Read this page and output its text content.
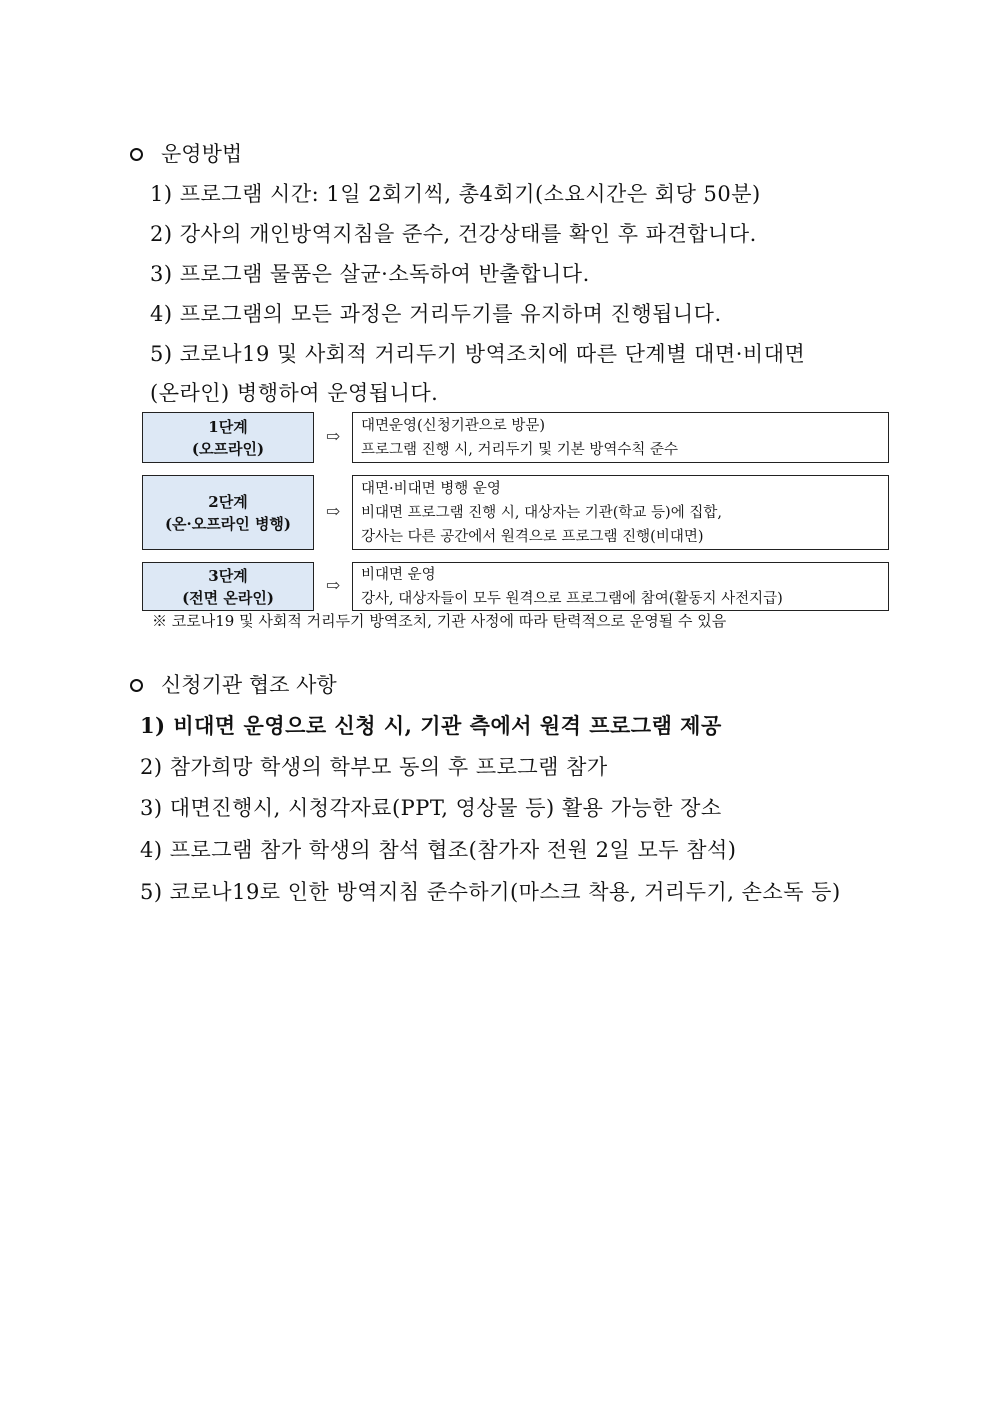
운영방법
1) 프로그램 시간: 1일 2회기씩, 총4회기(소요시간은 회당 50분)
2) 강사의 개인방역지침을 준수, 건강상태를 확인 후 파견합니다.
3) 프로그램 물품은 살균·소독하여 반출합니다.
4) 프로그램의 모든 과정은 거리두기를 유지하며 진행됩니다.
5) 코로나19 및 사회적 거리두기 방역조치에 따른 단계별 대면·비대면
(온라인) 병행하여 운영됩니다.
1단계
(오프라인)
⇨
대면운영(신청기관으로 방문)
프로그램 진행 시, 거리두기 및 기본 방역수칙 준수
2단계
(온·오프라인 병행)
⇨
대면·비대면 병행 운영
비대면 프로그램 진행 시, 대상자는 기관(학교 등)에 집합,
강사는 다른 공간에서 원격으로 프로그램 진행(비대면)
3단계
(전면 온라인)
⇨
비대면 운영
강사, 대상자들이 모두 원격으로 프로그램에 참여(활동지 사전지급)
※ 코로나19 및 사회적 거리두기 방역조치, 기관 사정에 따라 탄력적으로 운영될 수 있음
신청기관 협조 사항
1) 비대면 운영으로 신청 시, 기관 측에서 원격 프로그램 제공
2) 참가희망 학생의 학부모 동의 후 프로그램 참가
3) 대면진행시, 시청각자료(PPT, 영상물 등) 활용 가능한 장소
4) 프로그램 참가 학생의 참석 협조(참가자 전원 2일 모두 참석)
5) 코로나19로 인한 방역지침 준수하기(마스크 착용, 거리두기, 손소독 등)
